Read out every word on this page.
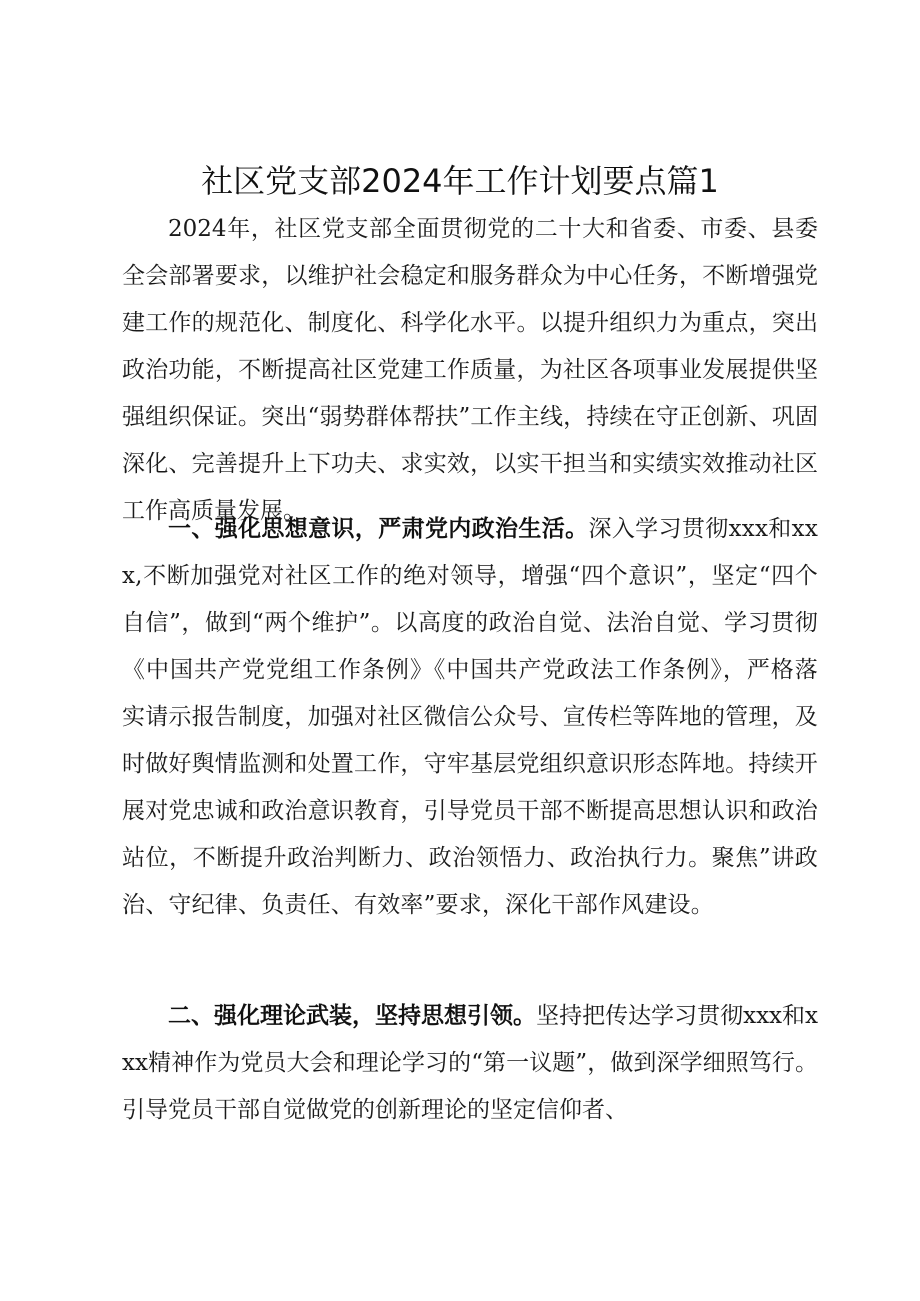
社区党支部2024年工作计划要点篇1

2024年，社区党支部全面贯彻党的二十大和省委、市委、县委全会部署要求，以维护社会稳定和服务群众为中心任务，不断增强党建工作的规范化、制度化、科学化水平。以提升组织力为重点，突出政治功能，不断提高社区党建工作质量，为社区各项事业发展提供坚强组织保证。突出“弱势群体帮扶”工作主线，持续在守正创新、巩固深化、完善提升上下功夫、求实效，以实干担当和实绩实效推动社区工作高质量发展。

一、强化思想意识，严肃党内政治生活。深入学习贯彻xxx和xxx,不断加强党对社区工作的绝对领导，增强“四个意识”，坚定“四个自信”，做到“两个维护”。以高度的政治自觉、法治自觉、学习贯彻《中国共产党党组工作条例》《中国共产党政法工作条例》，严格落实请示报告制度，加强对社区微信公众号、宣传栏等阵地的管理，及时做好舆情监测和处置工作，守牢基层党组织意识形态阵地。持续开展对党忠诚和政治意识教育，引导党员干部不断提高思想认识和政治站位，不断提升政治判断力、政治领悟力、政治执行力。聚焦”讲政治、守纪律、负责任、有效率”要求，深化干部作风建设。

二、强化理论武装，坚持思想引领。坚持把传达学习贯彻xxx和xxx精神作为党员大会和理论学习的“第一议题”，做到深学细照笃行。引导党员干部自觉做党的创新理论的坚定信仰者、
